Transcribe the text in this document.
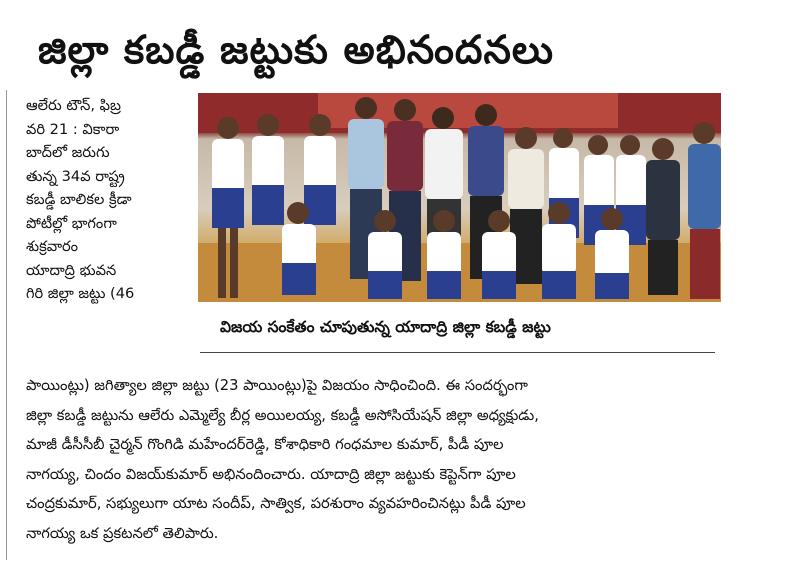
జిల్లా కబడ్డీ జట్టుకు అభినందనలు
ఆలేరు టౌన్, ఫిబ్ర
వరి 21 : వికారా
బాద్‌లో జరుగు
తున్న 34వ రాష్ట్ర
కబడ్డీ బాలికల క్రీడా
పోటీల్లో భాగంగా
శుక్రవారం
యాదాద్రి భువన
గిరి జిల్లా జట్టు (46
విజయ సంకేతం చూపుతున్న యాదాద్రి జిల్లా కబడ్డీ జట్టు
పాయింట్లు) జగిత్యాల జిల్లా జట్టు (23 పాయింట్లు)పై విజయం సాధించింది. ఈ సందర్భంగా
జిల్లా కబడ్డీ జట్టును ఆలేరు ఎమ్మెల్యే బీర్ల అయిలయ్య, కబడ్డీ అసోసియేషన్ జిల్లా అధ్యక్షుడు,
మాజీ డీసీసీబీ చైర్మన్ గొంగిడి మహేందర్‌రెడ్డి, కోశాధికారి గంధమాల కుమార్, పీడీ పూల
నాగయ్య, చిందం విజయ్‌కుమార్ అభినందించారు. యాదాద్రి జిల్లా జట్టుకు కెప్టెన్‌గా పూల
చంద్రకుమార్, సభ్యులుగా యాట సందీప్, సాత్విక, పరశురాం వ్యవహరించినట్లు పీడీ పూల
నాగయ్య ఒక ప్రకటనలో తెలిపారు.
